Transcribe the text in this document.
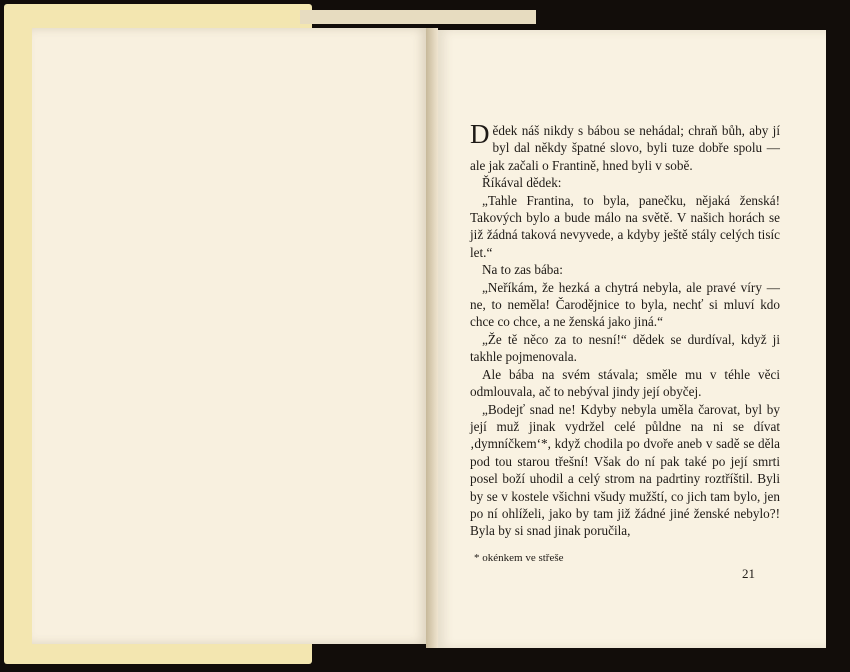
Dědek náš nikdy s bábou se nehádal; chraň bůh, aby jí byl dal někdy špatné slovo, byli tuze dobře spolu — ale jak začali o Frantině, hned byli v sobě.

Říkával dědek:

„Tahle Frantina, to byla, panečku, nějaká ženská! Takových bylo a bude málo na světě. V našich horách se již žádná taková nevyvede, a kdyby ještě stály celých tisíc let.“

Na to zas bába:

„Neříkám, že hezká a chytrá nebyla, ale pravé víry — ne, to neměla! Čarodějnice to byla, nechť si mluví kdo chce co chce, a ne ženská jako jiná.“

„Že tě něco za to nesní!“ dědek se durdíval, když ji takhle pojmenovala.

Ale bába na svém stávala; směle mu v téhle věci odmlouvala, ač to nebýval jindy její obyčej.

„Bodejť snad ne! Kdyby nebyla uměla čarovat, byl by její muž jinak vydržel celé půldne na ni se dívat ‚dymníčkem‘*, když chodila po dvoře aneb v sadě se děla pod tou starou třešní! Však do ní pak také po její smrti posel boží uhodil a celý strom na padrtiny roztříštil. Byli by se v kostele všichni všudy mužští, co jich tam bylo, jen po ní ohlíželi, jako by tam již žádné jiné ženské nebylo?! Byla by si snad jinak poručila,

* okénkem ve střeše
21
